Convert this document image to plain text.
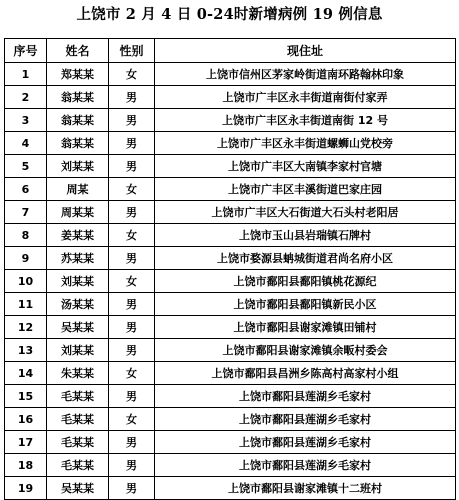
上饶市 2 月 4 日 0-24时新增病例 19 例信息
序号	姓名	性别	现住址
1	郑某某	女	上饶市信州区茅家岭街道南环路翰林印象
2	翁某某	男	上饶市广丰区永丰街道南街付家弄
3	翁某某	男	上饶市广丰区永丰街道南街 12 号
4	翁某某	男	上饶市广丰区永丰街道螺蛳山党校旁
5	刘某某	男	上饶市广丰区大南镇李家村官塘
6	周某	女	上饶市广丰区丰溪街道巴家庄园
7	周某某	男	上饶市广丰区大石街道大石头村老阳居
8	姜某某	女	上饶市玉山县岩瑞镇石牌村
9	苏某某	男	上饶市婺源县蚺城街道君尚名府小区
10	刘某某	女	上饶市鄱阳县鄱阳镇桃花源纪
11	汤某某	男	上饶市鄱阳县鄱阳镇新民小区
12	吴某某	男	上饶市鄱阳县谢家滩镇田铺村
13	刘某某	男	上饶市鄱阳县谢家滩镇余畈村委会
14	朱某某	女	上饶市鄱阳县昌洲乡陈高村高家村小组
15	毛某某	男	上饶市鄱阳县莲湖乡毛家村
16	毛某某	女	上饶市鄱阳县莲湖乡毛家村
17	毛某某	男	上饶市鄱阳县莲湖乡毛家村
18	毛某某	男	上饶市鄱阳县莲湖乡毛家村
19	吴某某	男	上饶市鄱阳县谢家滩镇十二班村
